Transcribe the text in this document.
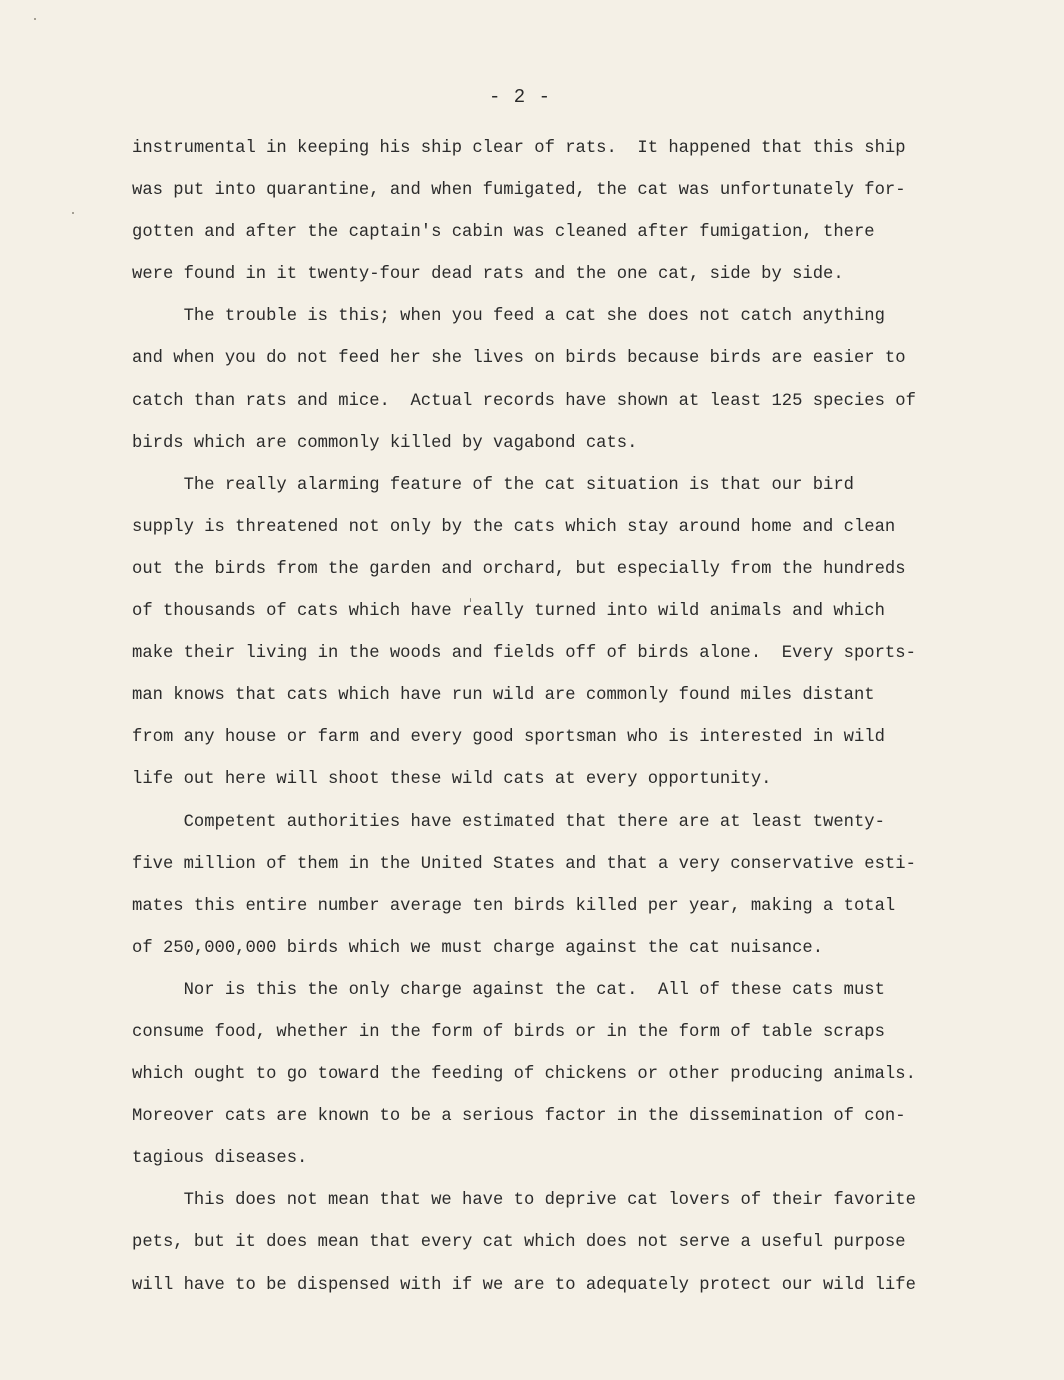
- 2 -
instrumental in keeping his ship clear of rats.  It happened that this ship
was put into quarantine, and when fumigated, the cat was unfortunately for-
gotten and after the captain's cabin was cleaned after fumigation, there
were found in it twenty-four dead rats and the one cat, side by side.
The trouble is this; when you feed a cat she does not catch anything
and when you do not feed her she lives on birds because birds are easier to
catch than rats and mice.  Actual records have shown at least 125 species of
birds which are commonly killed by vagabond cats.
The really alarming feature of the cat situation is that our bird
supply is threatened not only by the cats which stay around home and clean
out the birds from the garden and orchard, but especially from the hundreds
of thousands of cats which have really turned into wild animals and which
make their living in the woods and fields off of birds alone.  Every sports-
man knows that cats which have run wild are commonly found miles distant
from any house or farm and every good sportsman who is interested in wild
life out here will shoot these wild cats at every opportunity.
Competent authorities have estimated that there are at least twenty-
five million of them in the United States and that a very conservative esti-
mates this entire number average ten birds killed per year, making a total
of 250,000,000 birds which we must charge against the cat nuisance.
Nor is this the only charge against the cat.  All of these cats must
consume food, whether in the form of birds or in the form of table scraps
which ought to go toward the feeding of chickens or other producing animals.
Moreover cats are known to be a serious factor in the dissemination of con-
tagious diseases.
This does not mean that we have to deprive cat lovers of their favorite
pets, but it does mean that every cat which does not serve a useful purpose
will have to be dispensed with if we are to adequately protect our wild life
